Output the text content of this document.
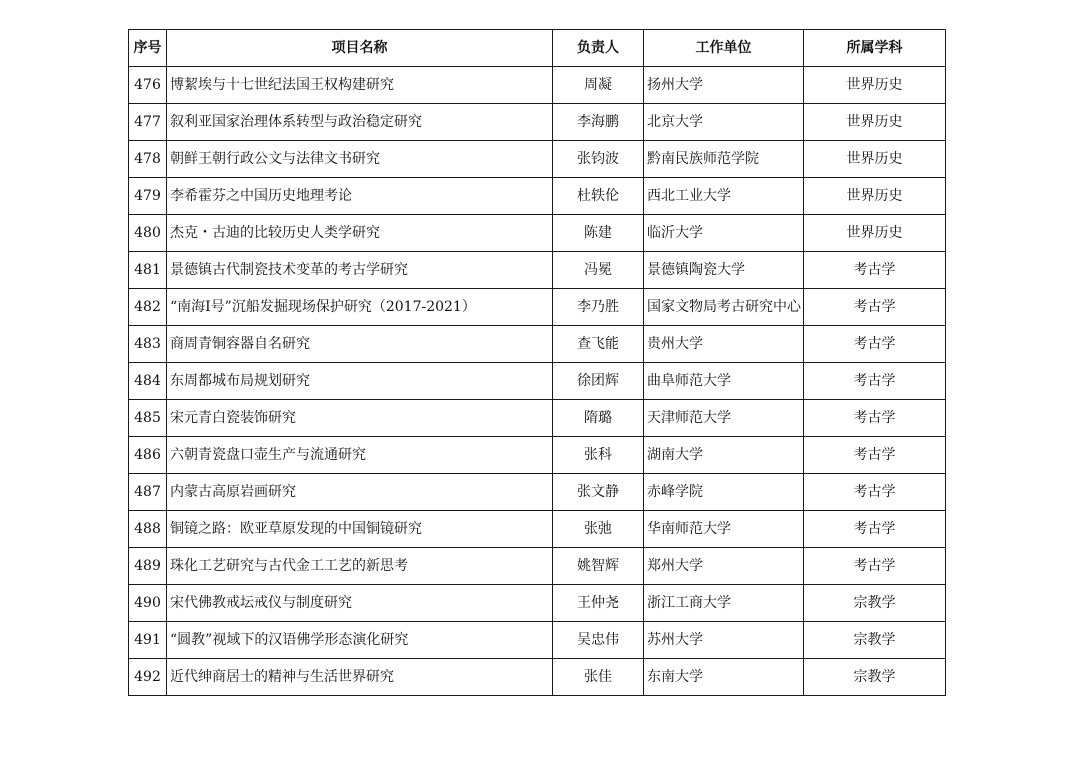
序号	项目名称	负责人	工作单位	所属学科
476	博絜埃与十七世纪法国王权构建研究	周凝	扬州大学	世界历史
477	叙利亚国家治理体系转型与政治稳定研究	李海鹏	北京大学	世界历史
478	朝鲜王朝行政公文与法律文书研究	张钧波	黔南民族师范学院	世界历史
479	李希霍芬之中国历史地理考论	杜轶伦	西北工业大学	世界历史
480	杰克・古迪的比较历史人类学研究	陈建	临沂大学	世界历史
481	景德镇古代制瓷技术变革的考古学研究	冯冕	景德镇陶瓷大学	考古学
482	“南海I号”沉船发掘现场保护研究（2017-2021）	李乃胜	国家文物局考古研究中心	考古学
483	商周青铜容器自名研究	查飞能	贵州大学	考古学
484	东周都城布局规划研究	徐团辉	曲阜师范大学	考古学
485	宋元青白瓷装饰研究	隋璐	天津师范大学	考古学
486	六朝青瓷盘口壶生产与流通研究	张科	湖南大学	考古学
487	内蒙古高原岩画研究	张文静	赤峰学院	考古学
488	铜镜之路：欧亚草原发现的中国铜镜研究	张弛	华南师范大学	考古学
489	珠化工艺研究与古代金工工艺的新思考	姚智辉	郑州大学	考古学
490	宋代佛教戒坛戒仪与制度研究	王仲尧	浙江工商大学	宗教学
491	“圆教”视域下的汉语佛学形态演化研究	吴忠伟	苏州大学	宗教学
492	近代绅商居士的精神与生活世界研究	张佳	东南大学	宗教学
